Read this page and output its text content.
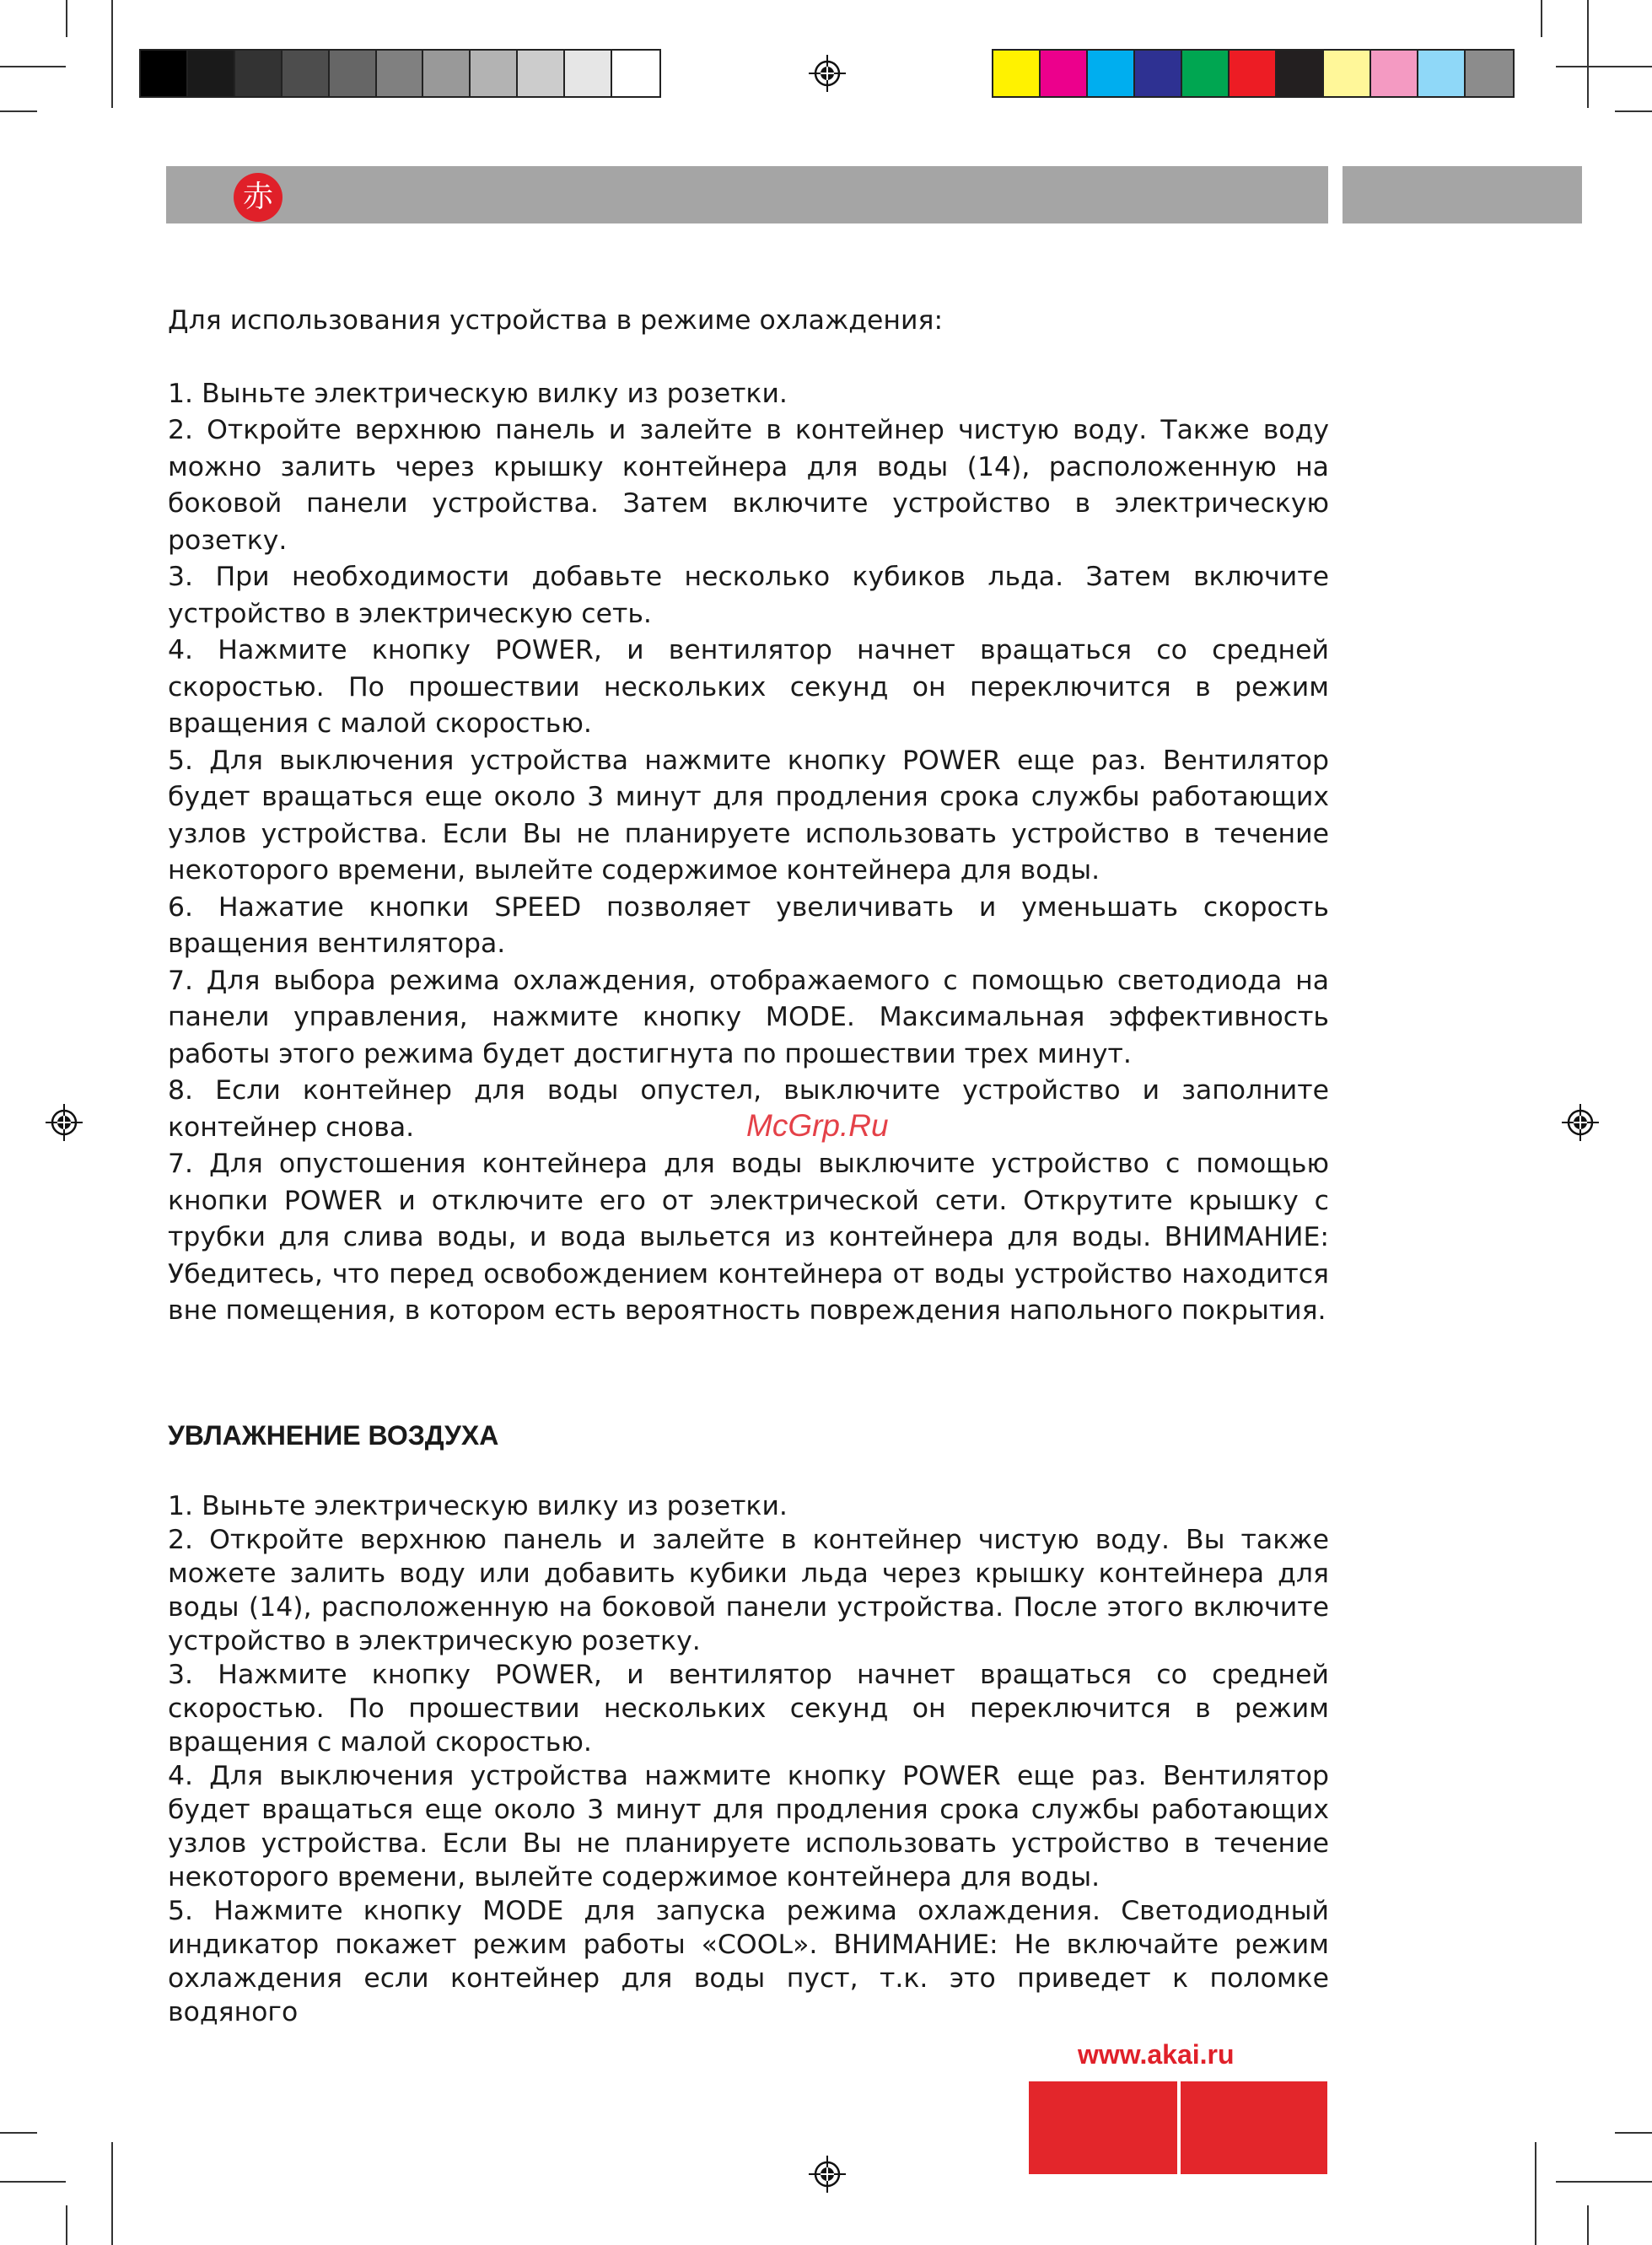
赤

Для использования устройства в режиме охлаждения:

1. Выньте электрическую вилку из розетки.

2. Откройте верхнюю панель и залейте в контейнер чистую воду. Также воду можно залить через крышку контейнера для воды (14), расположенную на боковой панели устройства. Затем включите устройство в электрическую розетку.

3. При необходимости добавьте несколько кубиков льда. Затем включите устройство в электрическую сеть.

4. Нажмите кнопку POWER, и вентилятор начнет вращаться со средней скоростью. По прошествии нескольких секунд он переключится в режим вращения с малой скоростью.

5. Для выключения устройства нажмите кнопку POWER еще раз. Вентилятор будет вращаться еще около 3 минут для продления срока службы работающих узлов устройства. Если Вы не планируете использовать устройство в течение некоторого времени, вылейте содержимое контейнера для воды.

6. Нажатие кнопки SPEED позволяет увеличивать и уменьшать скорость вращения вентилятора.

7. Для выбора режима охлаждения, отображаемого с помощью светодиода на панели управления, нажмите кнопку MODE. Максимальная эффективность работы этого режима будет достигнута по прошествии трех минут.

8. Если контейнер для воды опустел, выключите устройство и заполните контейнер снова.

7. Для опустошения контейнера для воды выключите устройство с помощью кнопки POWER и отключите его от электрической сети. Открутите крышку с трубки для слива воды, и вода выльется из контейнера для воды. ВНИМАНИЕ: Убедитесь, что перед освобождением контейнера от воды устройство находится вне помещения, в котором есть вероятность повреждения напольного покрытия.

УВЛАЖНЕНИЕ ВОЗДУХА

1. Выньте электрическую вилку из розетки.

2. Откройте верхнюю панель и залейте в контейнер чистую воду. Вы также можете залить воду или добавить кубики льда через крышку контейнера для воды (14), расположенную на боковой панели устройства. После этого включите устройство в электрическую розетку.

3. Нажмите кнопку POWER, и вентилятор начнет вращаться со средней скоростью. По прошествии нескольких секунд он переключится в режим вращения с малой скоростью.

4. Для выключения устройства нажмите кнопку POWER еще раз. Вентилятор будет вращаться еще около 3 минут для продления срока службы работающих узлов устройства. Если Вы не планируете использовать устройство в течение некоторого времени, вылейте содержимое контейнера для воды.

5. Нажмите кнопку MODE для запуска режима охлаждения. Светодиодный индикатор покажет режим работы «COOL». ВНИМАНИЕ: Не включайте режим охлаждения если контейнер для воды пуст, т.к. это приведет к поломке водяного

McGrp.Ru
www.akai.ru
